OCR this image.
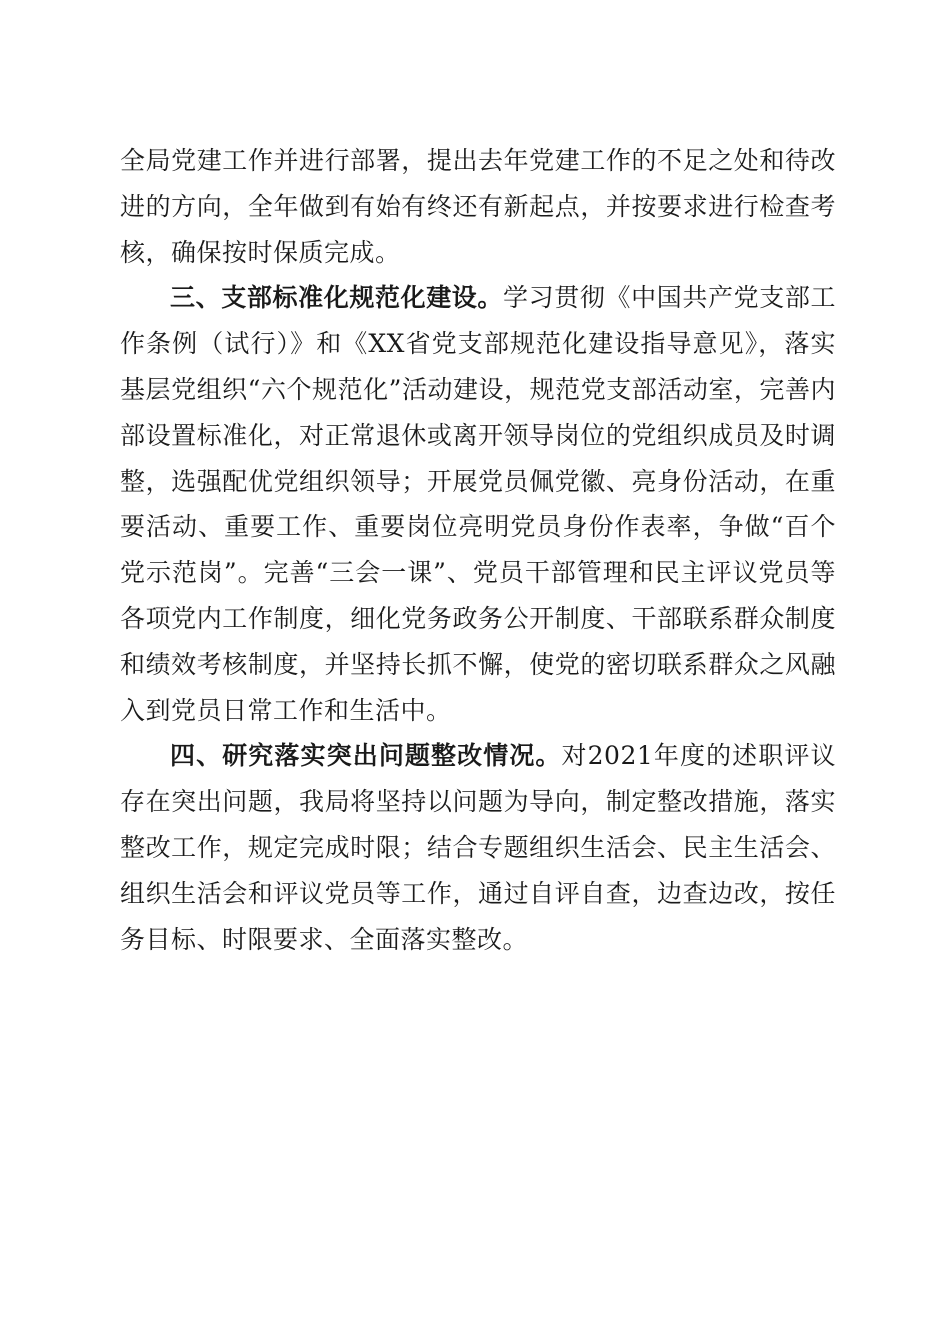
全局党建工作并进行部署，提出去年党建工作的不足之处和待改进的方向，全年做到有始有终还有新起点，并按要求进行检查考核，确保按时保质完成。

三、支部标准化规范化建设。学习贯彻《中国共产党支部工作条例（试行）》和《XX省党支部规范化建设指导意见》，落实基层党组织“六个规范化”活动建设，规范党支部活动室，完善内部设置标准化，对正常退休或离开领导岗位的党组织成员及时调整，选强配优党组织领导；开展党员佩党徽、亮身份活动，在重要活动、重要工作、重要岗位亮明党员身份作表率，争做“百个党示范岗”。完善“三会一课”、党员干部管理和民主评议党员等各项党内工作制度，细化党务政务公开制度、干部联系群众制度和绩效考核制度，并坚持长抓不懈，使党的密切联系群众之风融入到党员日常工作和生活中。

四、研究落实突出问题整改情况。对2021年度的述职评议存在突出问题，我局将坚持以问题为导向，制定整改措施，落实整改工作，规定完成时限；结合专题组织生活会、民主生活会、组织生活会和评议党员等工作，通过自评自查，边查边改，按任务目标、时限要求、全面落实整改。
